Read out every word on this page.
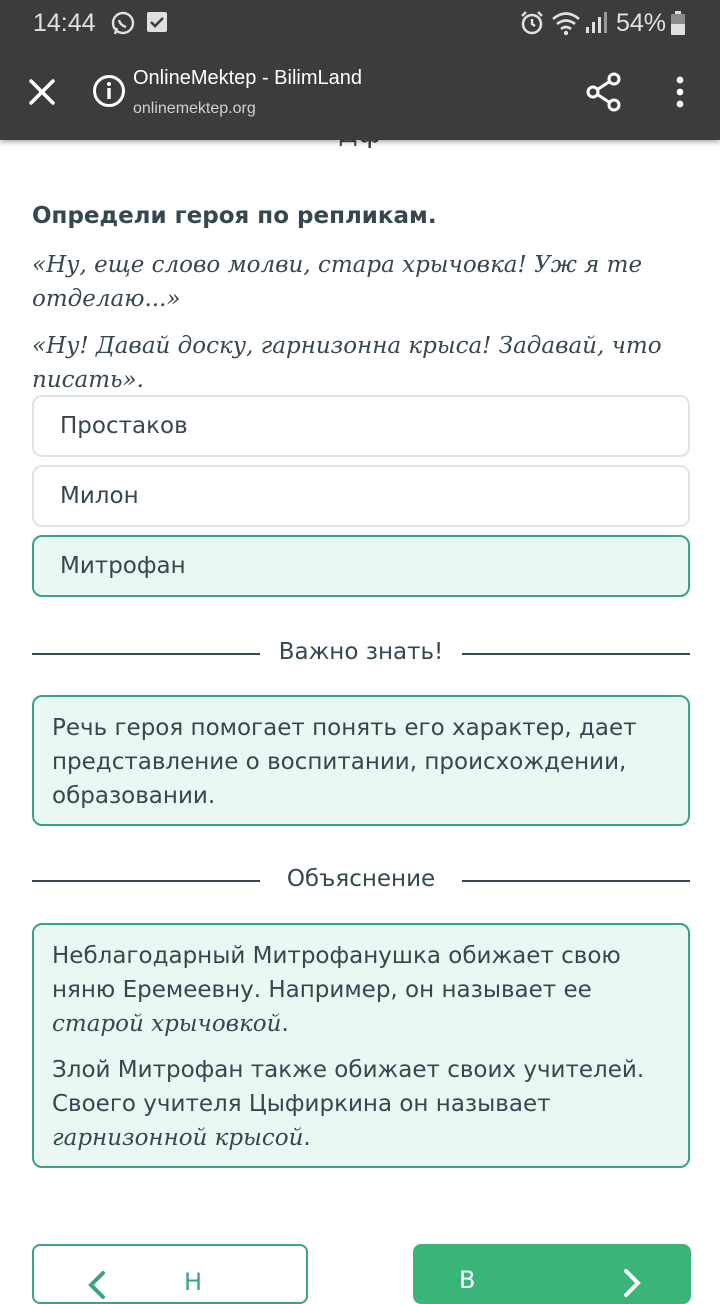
14:44	54%
OnlineMektep - BilimLand
onlinemektep.org
Определи героя по репликам.
«Ну, еще слово молви, стара хрычовка! Уж я те отделаю...»
«Ну! Давай доску, гарнизонна крыса! Задавай, что писать».
Простаков
Милон
Митрофан
Важно знать!

Речь героя помогает понять его характер, дает представление о воспитании, происхождении, образовании.

Объяснение

Неблагодарный Митрофанушка обижает свою няню Еремеевну. Например, он называет ее старой хрычовкой.

Злой Митрофан также обижает своих учителей. Своего учителя Цыфиркина он называет гарнизонной крысой.

Н	В
